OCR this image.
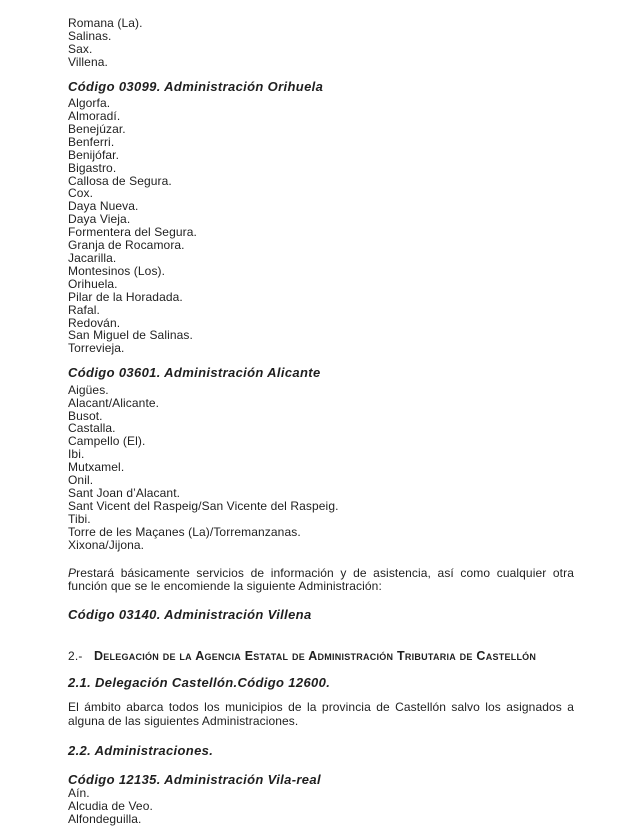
Romana (La).
Salinas.
Sax.
Villena.
Código 03099. Administración Orihuela
Algorfa.
Almoradí.
Benejúzar.
Benferri.
Benijófar.
Bigastro.
Callosa de Segura.
Cox.
Daya Nueva.
Daya Vieja.
Formentera del Segura.
Granja de Rocamora.
Jacarilla.
Montesinos (Los).
Orihuela.
Pilar de la Horadada.
Rafal.
Redován.
San Miguel de Salinas.
Torrevieja.
Código 03601. Administración Alicante
Aigües.
Alacant/Alicante.
Busot.
Castalla.
Campello (El).
Ibi.
Mutxamel.
Onil.
Sant Joan d’Alacant.
Sant Vicent del Raspeig/San Vicente del Raspeig.
Tibi.
Torre de les Maçanes (La)/Torremanzanas.
Xixona/Jijona.
Prestará básicamente servicios de información y de asistencia, así como cualquier otra
función que se le encomiende la siguiente Administración:
Código 03140. Administración Villena
2.- Delegación de la Agencia Estatal de Administración Tributaria de Castellón
2.1. Delegación Castellón.Código 12600.
El ámbito abarca todos los municipios de la provincia de Castellón salvo los asignados a
alguna de las siguientes Administraciones.
2.2. Administraciones.
Código 12135. Administración Vila-real
Aín.
Alcudia de Veo.
Alfondeguilla.
